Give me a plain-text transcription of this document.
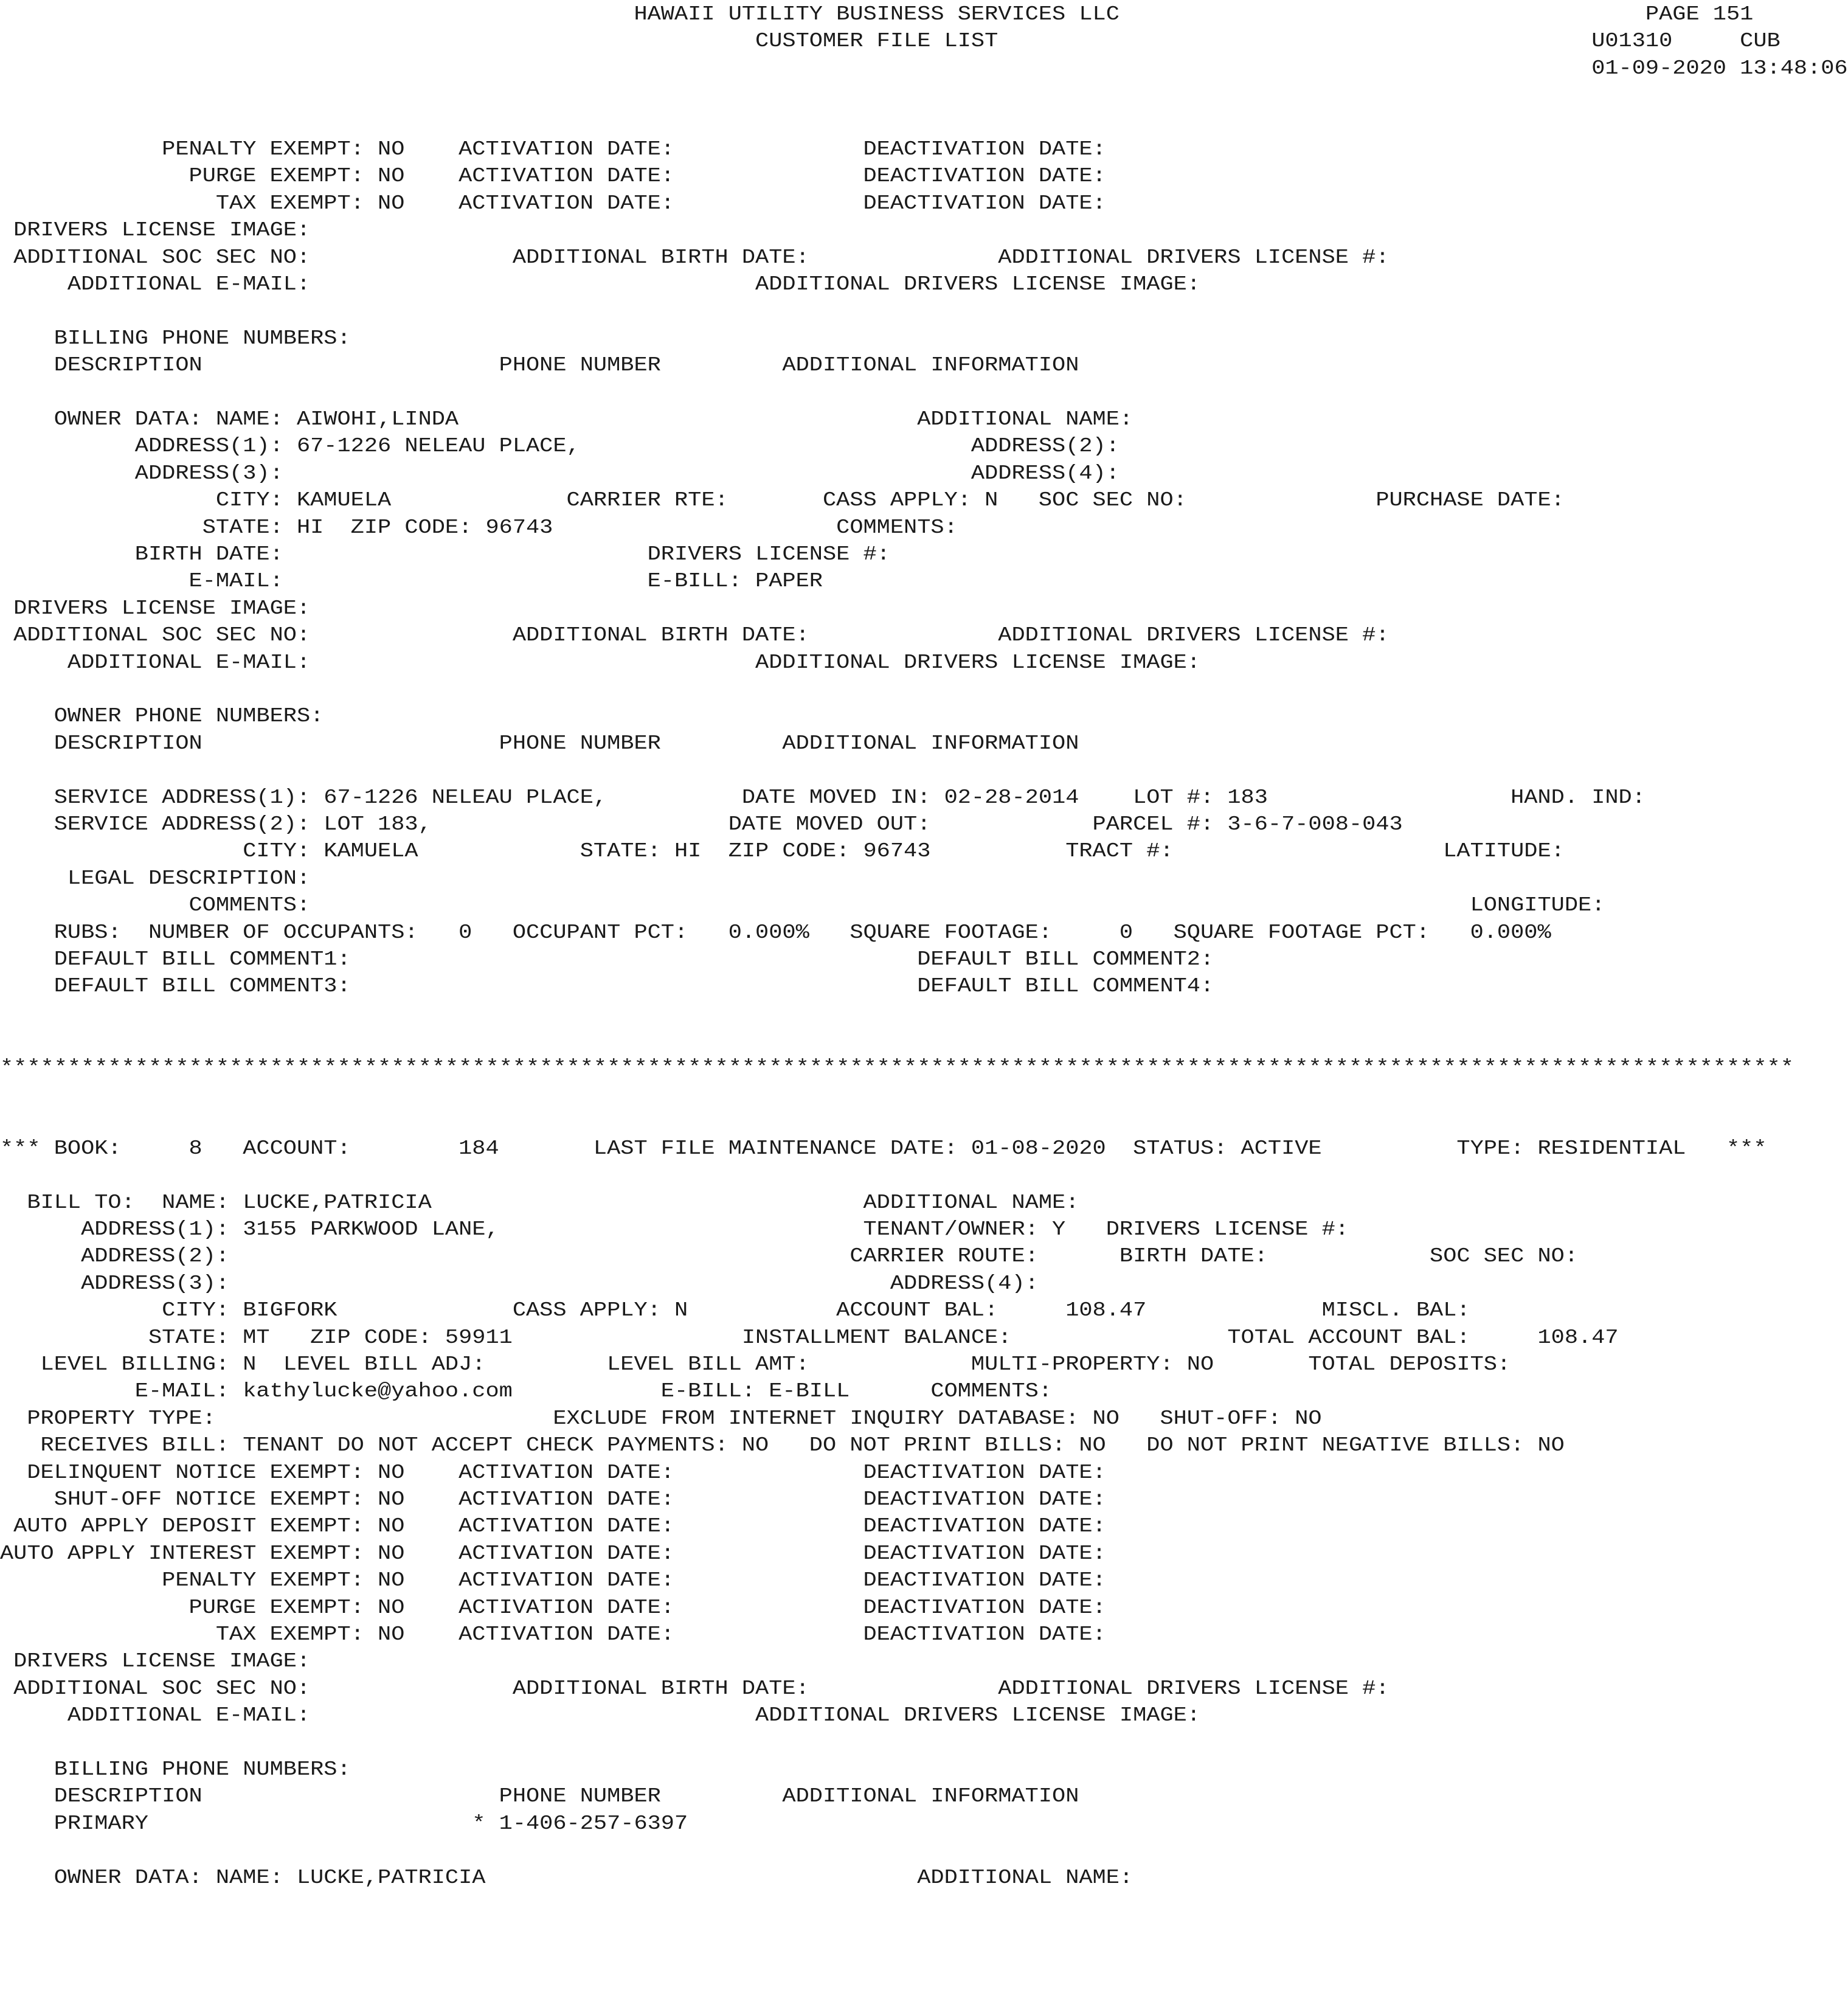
HAWAII UTILITY BUSINESS SERVICES LLC                                       PAGE 151
CUSTOMER FILE LIST                                            U01310     CUB
01-09-2020 13:48:06
PENALTY EXEMPT: NO    ACTIVATION DATE:              DEACTIVATION DATE:
PURGE EXEMPT: NO    ACTIVATION DATE:              DEACTIVATION DATE:
TAX EXEMPT: NO    ACTIVATION DATE:              DEACTIVATION DATE:
DRIVERS LICENSE IMAGE:
ADDITIONAL SOC SEC NO:               ADDITIONAL BIRTH DATE:              ADDITIONAL DRIVERS LICENSE #:
ADDITIONAL E-MAIL:                                 ADDITIONAL DRIVERS LICENSE IMAGE:
BILLING PHONE NUMBERS:
DESCRIPTION                      PHONE NUMBER         ADDITIONAL INFORMATION
OWNER DATA: NAME: AIWOHI,LINDA                                  ADDITIONAL NAME:
ADDRESS(1): 67-1226 NELEAU PLACE,                             ADDRESS(2):
ADDRESS(3):                                                   ADDRESS(4):
CITY: KAMUELA             CARRIER RTE:       CASS APPLY: N   SOC SEC NO:              PURCHASE DATE:
STATE: HI  ZIP CODE: 96743                     COMMENTS:
BIRTH DATE:                           DRIVERS LICENSE #:
E-MAIL:                           E-BILL: PAPER
DRIVERS LICENSE IMAGE:
ADDITIONAL SOC SEC NO:               ADDITIONAL BIRTH DATE:              ADDITIONAL DRIVERS LICENSE #:
ADDITIONAL E-MAIL:                                 ADDITIONAL DRIVERS LICENSE IMAGE:
OWNER PHONE NUMBERS:
DESCRIPTION                      PHONE NUMBER         ADDITIONAL INFORMATION
SERVICE ADDRESS(1): 67-1226 NELEAU PLACE,          DATE MOVED IN: 02-28-2014    LOT #: 183                  HAND. IND:
SERVICE ADDRESS(2): LOT 183,                      DATE MOVED OUT:            PARCEL #: 3-6-7-008-043
CITY: KAMUELA            STATE: HI  ZIP CODE: 96743          TRACT #:                    LATITUDE:
LEGAL DESCRIPTION:
COMMENTS:                                                                                      LONGITUDE:
RUBS:  NUMBER OF OCCUPANTS:   0   OCCUPANT PCT:   0.000%   SQUARE FOOTAGE:     0   SQUARE FOOTAGE PCT:   0.000%
DEFAULT BILL COMMENT1:                                          DEFAULT BILL COMMENT2:
DEFAULT BILL COMMENT3:                                          DEFAULT BILL COMMENT4:
*************************************************************************************************************************************
*** BOOK:     8   ACCOUNT:        184       LAST FILE MAINTENANCE DATE: 01-08-2020  STATUS: ACTIVE          TYPE: RESIDENTIAL   ***
BILL TO:  NAME: LUCKE,PATRICIA                                ADDITIONAL NAME:
ADDRESS(1): 3155 PARKWOOD LANE,                           TENANT/OWNER: Y   DRIVERS LICENSE #:
ADDRESS(2):                                              CARRIER ROUTE:      BIRTH DATE:            SOC SEC NO:
ADDRESS(3):                                                 ADDRESS(4):
CITY: BIGFORK             CASS APPLY: N           ACCOUNT BAL:     108.47             MISCL. BAL:
STATE: MT   ZIP CODE: 59911                 INSTALLMENT BALANCE:                TOTAL ACCOUNT BAL:     108.47
LEVEL BILLING: N  LEVEL BILL ADJ:         LEVEL BILL AMT:            MULTI-PROPERTY: NO       TOTAL DEPOSITS:
E-MAIL: kathylucke@yahoo.com           E-BILL: E-BILL      COMMENTS:
PROPERTY TYPE:                         EXCLUDE FROM INTERNET INQUIRY DATABASE: NO   SHUT-OFF: NO
RECEIVES BILL: TENANT DO NOT ACCEPT CHECK PAYMENTS: NO   DO NOT PRINT BILLS: NO   DO NOT PRINT NEGATIVE BILLS: NO
DELINQUENT NOTICE EXEMPT: NO    ACTIVATION DATE:              DEACTIVATION DATE:
SHUT-OFF NOTICE EXEMPT: NO    ACTIVATION DATE:              DEACTIVATION DATE:
AUTO APPLY DEPOSIT EXEMPT: NO    ACTIVATION DATE:              DEACTIVATION DATE:
AUTO APPLY INTEREST EXEMPT: NO    ACTIVATION DATE:              DEACTIVATION DATE:
PENALTY EXEMPT: NO    ACTIVATION DATE:              DEACTIVATION DATE:
PURGE EXEMPT: NO    ACTIVATION DATE:              DEACTIVATION DATE:
TAX EXEMPT: NO    ACTIVATION DATE:              DEACTIVATION DATE:
DRIVERS LICENSE IMAGE:
ADDITIONAL SOC SEC NO:               ADDITIONAL BIRTH DATE:              ADDITIONAL DRIVERS LICENSE #:
ADDITIONAL E-MAIL:                                 ADDITIONAL DRIVERS LICENSE IMAGE:
BILLING PHONE NUMBERS:
DESCRIPTION                      PHONE NUMBER         ADDITIONAL INFORMATION
PRIMARY                        * 1-406-257-6397
OWNER DATA: NAME: LUCKE,PATRICIA                                ADDITIONAL NAME:
